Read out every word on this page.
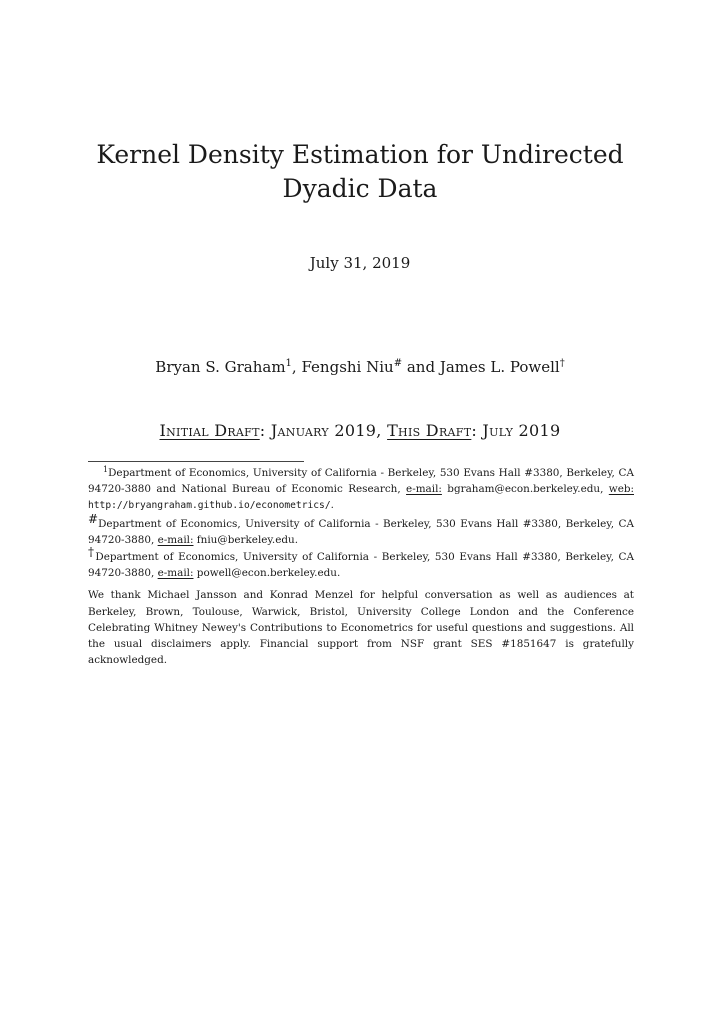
Kernel Density Estimation for Undirected Dyadic Data

July 31, 2019

Bryan S. Graham$^1$, Fengshi Niu# and James L. Powell†

Initial Draft: January 2019, This Draft: July 2019

$^1$Department of Economics, University of California - Berkeley, 530 Evans Hall #3380, Berkeley, CA 94720-3880 and National Bureau of Economic Research, e-mail: bgraham@econ.berkeley.edu, web: http://bryangraham.github.io/econometrics/.

#Department of Economics, University of California - Berkeley, 530 Evans Hall #3380, Berkeley, CA 94720-3880, e-mail: fniu@berkeley.edu.

†Department of Economics, University of California - Berkeley, 530 Evans Hall #3380, Berkeley, CA 94720-3880, e-mail: powell@econ.berkeley.edu.

We thank Michael Jansson and Konrad Menzel for helpful conversation as well as audiences at Berkeley, Brown, Toulouse, Warwick, Bristol, University College London and the Conference Celebrating Whitney Newey's Contributions to Econometrics for useful questions and suggestions. All the usual disclaimers apply. Financial support from NSF grant SES #1851647 is gratefully acknowledged.
